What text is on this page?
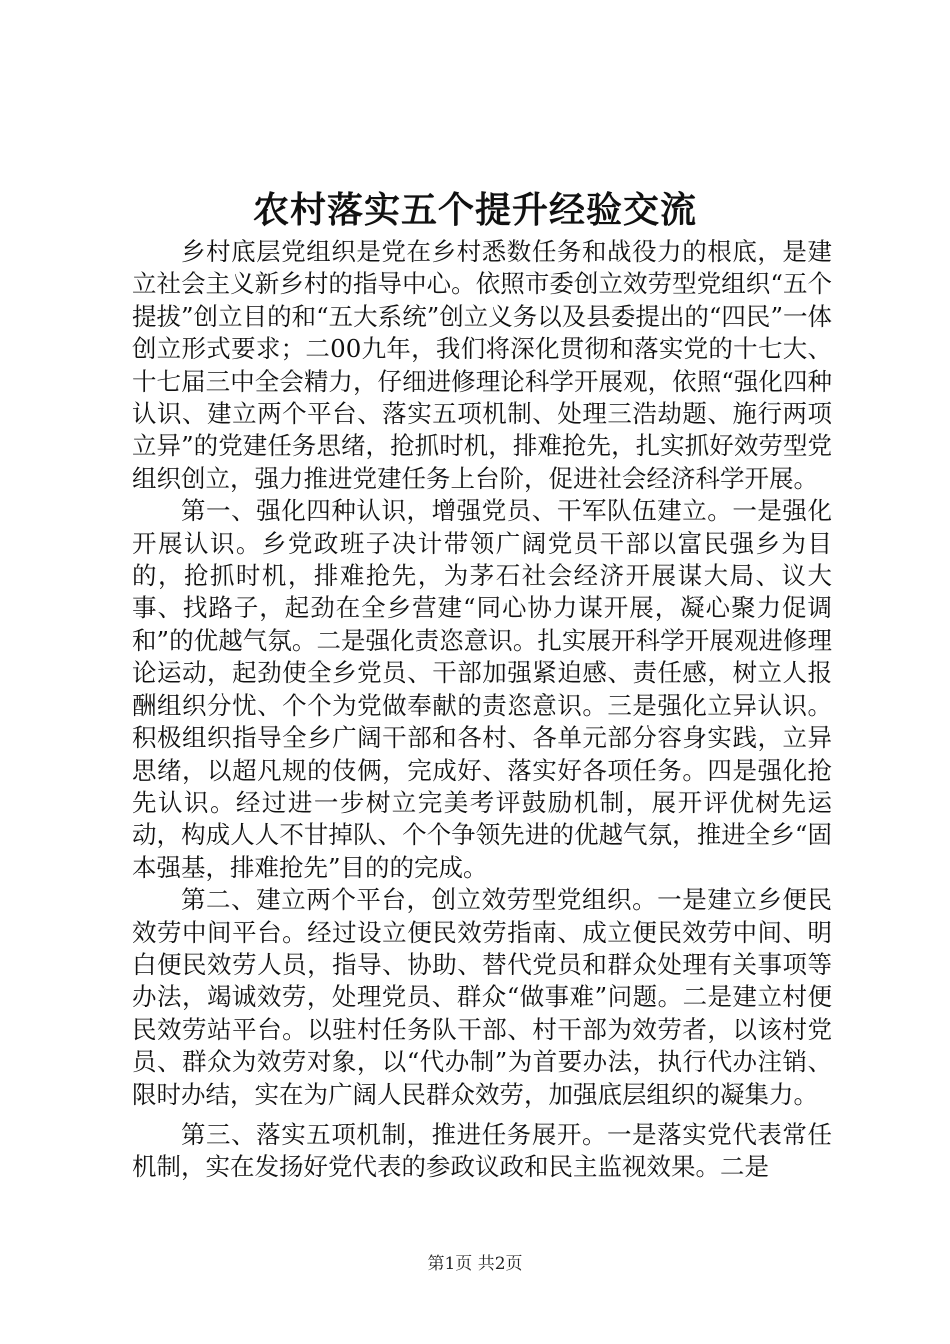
农村落实五个提升经验交流

乡村底层党组织是党在乡村悉数任务和战役力的根底，是建立社会主义新乡村的指导中心。依照市委创立效劳型党组织“五个提拔”创立目的和“五大系统”创立义务以及县委提出的“四民”一体创立形式要求；二00九年，我们将深化贯彻和落实党的十七大、十七届三中全会精力，仔细进修理论科学开展观，依照“强化四种认识、建立两个平台、落实五项机制、处理三浩劫题、施行两项立异”的党建任务思绪，抢抓时机，排难抢先，扎实抓好效劳型党组织创立，强力推进党建任务上台阶，促进社会经济科学开展。

第一、强化四种认识，增强党员、干军队伍建立。一是强化开展认识。乡党政班子决计带领广阔党员干部以富民强乡为目的，抢抓时机，排难抢先，为茅石社会经济开展谋大局、议大事、找路子，起劲在全乡营建“同心协力谋开展，凝心聚力促调和”的优越气氛。二是强化责恣意识。扎实展开科学开展观进修理论运动，起劲使全乡党员、干部加强紧迫感、责任感，树立人报酬组织分忧、个个为党做奉献的责恣意识。三是强化立异认识。积极组织指导全乡广阔干部和各村、各单元部分容身实践，立异思绪，以超凡规的伎俩，完成好、落实好各项任务。四是强化抢先认识。经过进一步树立完美考评鼓励机制，展开评优树先运动，构成人人不甘掉队、个个争领先进的优越气氛，推进全乡“固本强基，排难抢先”目的的完成。

第二、建立两个平台，创立效劳型党组织。一是建立乡便民效劳中间平台。经过设立便民效劳指南、成立便民效劳中间、明白便民效劳人员，指导、协助、替代党员和群众处理有关事项等办法，竭诚效劳，处理党员、群众“做事难”问题。二是建立村便民效劳站平台。以驻村任务队干部、村干部为效劳者，以该村党员、群众为效劳对象，以“代办制”为首要办法，执行代办注销、限时办结，实在为广阔人民群众效劳，加强底层组织的凝集力。

第三、落实五项机制，推进任务展开。一是落实党代表常任机制，实在发扬好党代表的参政议政和民主监视效果。二是

第1页 共2页
